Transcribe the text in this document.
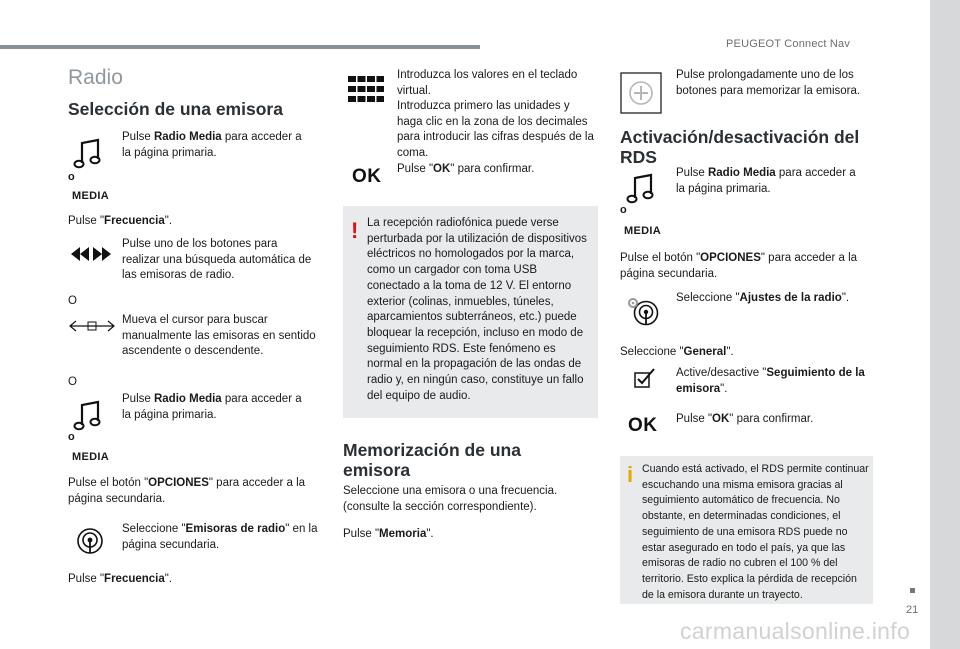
PEUGEOT Connect Nav
21
carmanualsonline.info
Radio
Selección de una emisora
Pulse Radio Media para acceder a la página primaria.
o
MEDIA
Pulse "Frecuencia".
Pulse uno de los botones para realizar una búsqueda automática de las emisoras de radio.
O
Mueva el cursor para buscar manualmente las emisoras en sentido ascendente o descendente.
O
Pulse Radio Media para acceder a la página primaria.
o
MEDIA
Pulse el botón "OPCIONES" para acceder a la página secundaria.
Seleccione "Emisoras de radio" en la página secundaria.
Pulse "Frecuencia".
Introduzca los valores en el teclado virtual.
Introduzca primero las unidades y haga clic en la zona de los decimales para introducir las cifras después de la coma.
OK Pulse "OK" para confirmar.
! La recepción radiofónica puede verse perturbada por la utilización de dispositivos eléctricos no homologados por la marca, como un cargador con toma USB conectado a la toma de 12 V. El entorno exterior (colinas, inmuebles, túneles, aparcamientos subterráneos, etc.) puede bloquear la recepción, incluso en modo de seguimiento RDS. Este fenómeno es normal en la propagación de las ondas de radio y, en ningún caso, constituye un fallo del equipo de audio.
Memorización de una emisora
Seleccione una emisora o una frecuencia. (consulte la sección correspondiente).
Pulse "Memoria".
Pulse prolongadamente uno de los botones para memorizar la emisora.
Activación/desactivación del RDS
Pulse Radio Media para acceder a la página primaria.
o
MEDIA
Pulse el botón "OPCIONES" para acceder a la página secundaria.
Seleccione "Ajustes de la radio".
Seleccione "General".
Active/desactive "Seguimiento de la emisora".
OK Pulse "OK" para confirmar.
i Cuando está activado, el RDS permite continuar escuchando una misma emisora gracias al seguimiento automático de frecuencia. No obstante, en determinadas condiciones, el seguimiento de una emisora RDS puede no estar asegurado en todo el país, ya que las emisoras de radio no cubren el 100 % del territorio. Esto explica la pérdida de recepción de la emisora durante un trayecto.
